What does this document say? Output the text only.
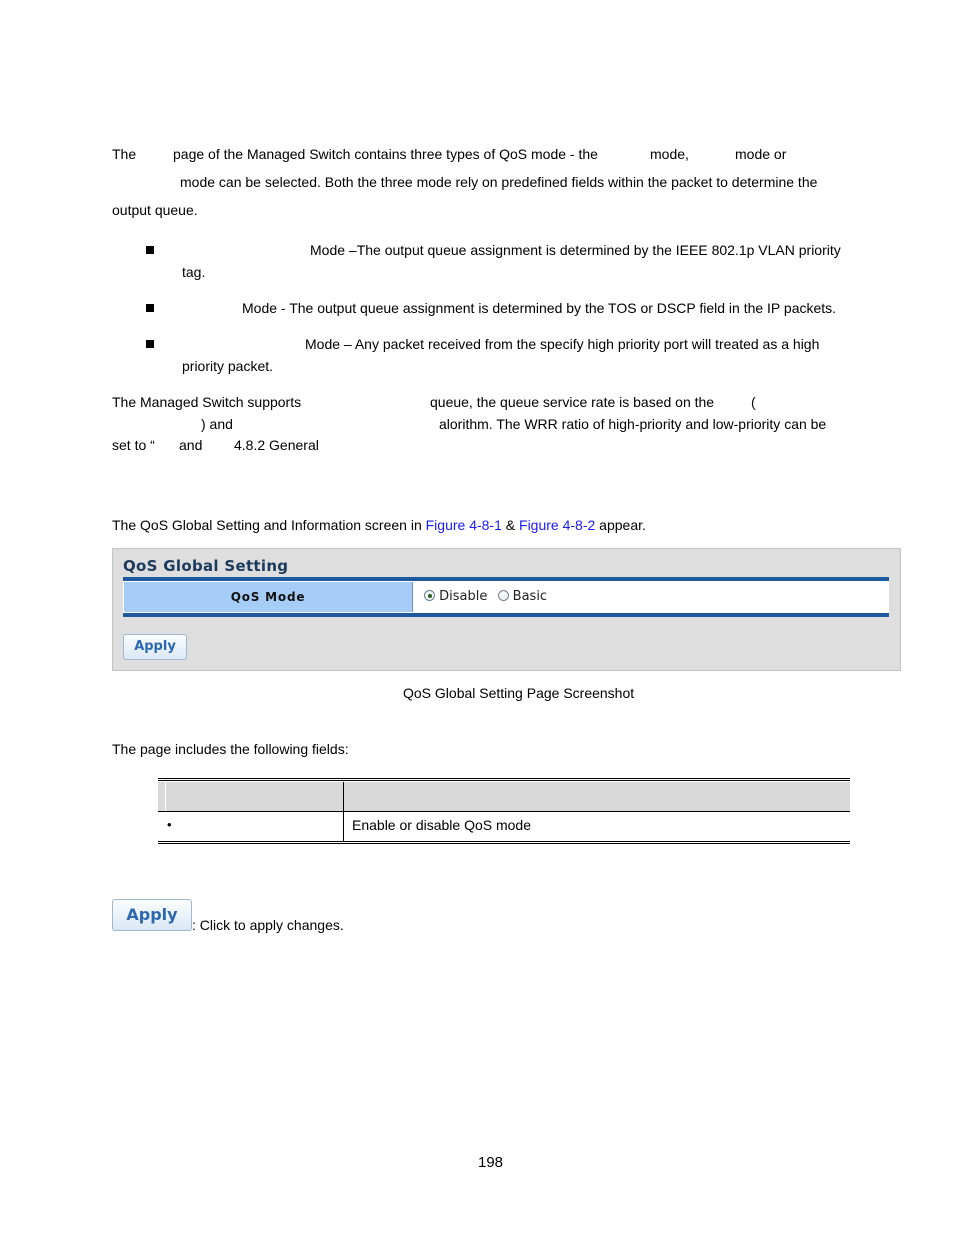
The	page of the Managed Switch contains three types of QoS mode - the	mode,	mode or
mode can be selected. Both the three mode rely on predefined fields within the packet to determine the
output queue.
Mode –The output queue assignment is determined by the IEEE 802.1p VLAN priority
tag.
Mode - The output queue assignment is determined by the TOS or DSCP field in the IP packets.
Mode – Any packet received from the specify high priority port will treated as a high
priority packet.
The Managed Switch supports	queue, the queue service rate is based on the	(
) and	alorithm. The WRR ratio of high-priority and low-priority can be
set to “ and 4.8.2 General
The QoS Global Setting and Information screen in Figure 4-8-1 & Figure 4-8-2 appear.
QoS Global Setting
QoS Mode	Disable Basic
Apply
QoS Global Setting Page Screenshot
The page includes the following fields:
•	Enable or disable QoS mode
Apply
: Click to apply changes.
198
